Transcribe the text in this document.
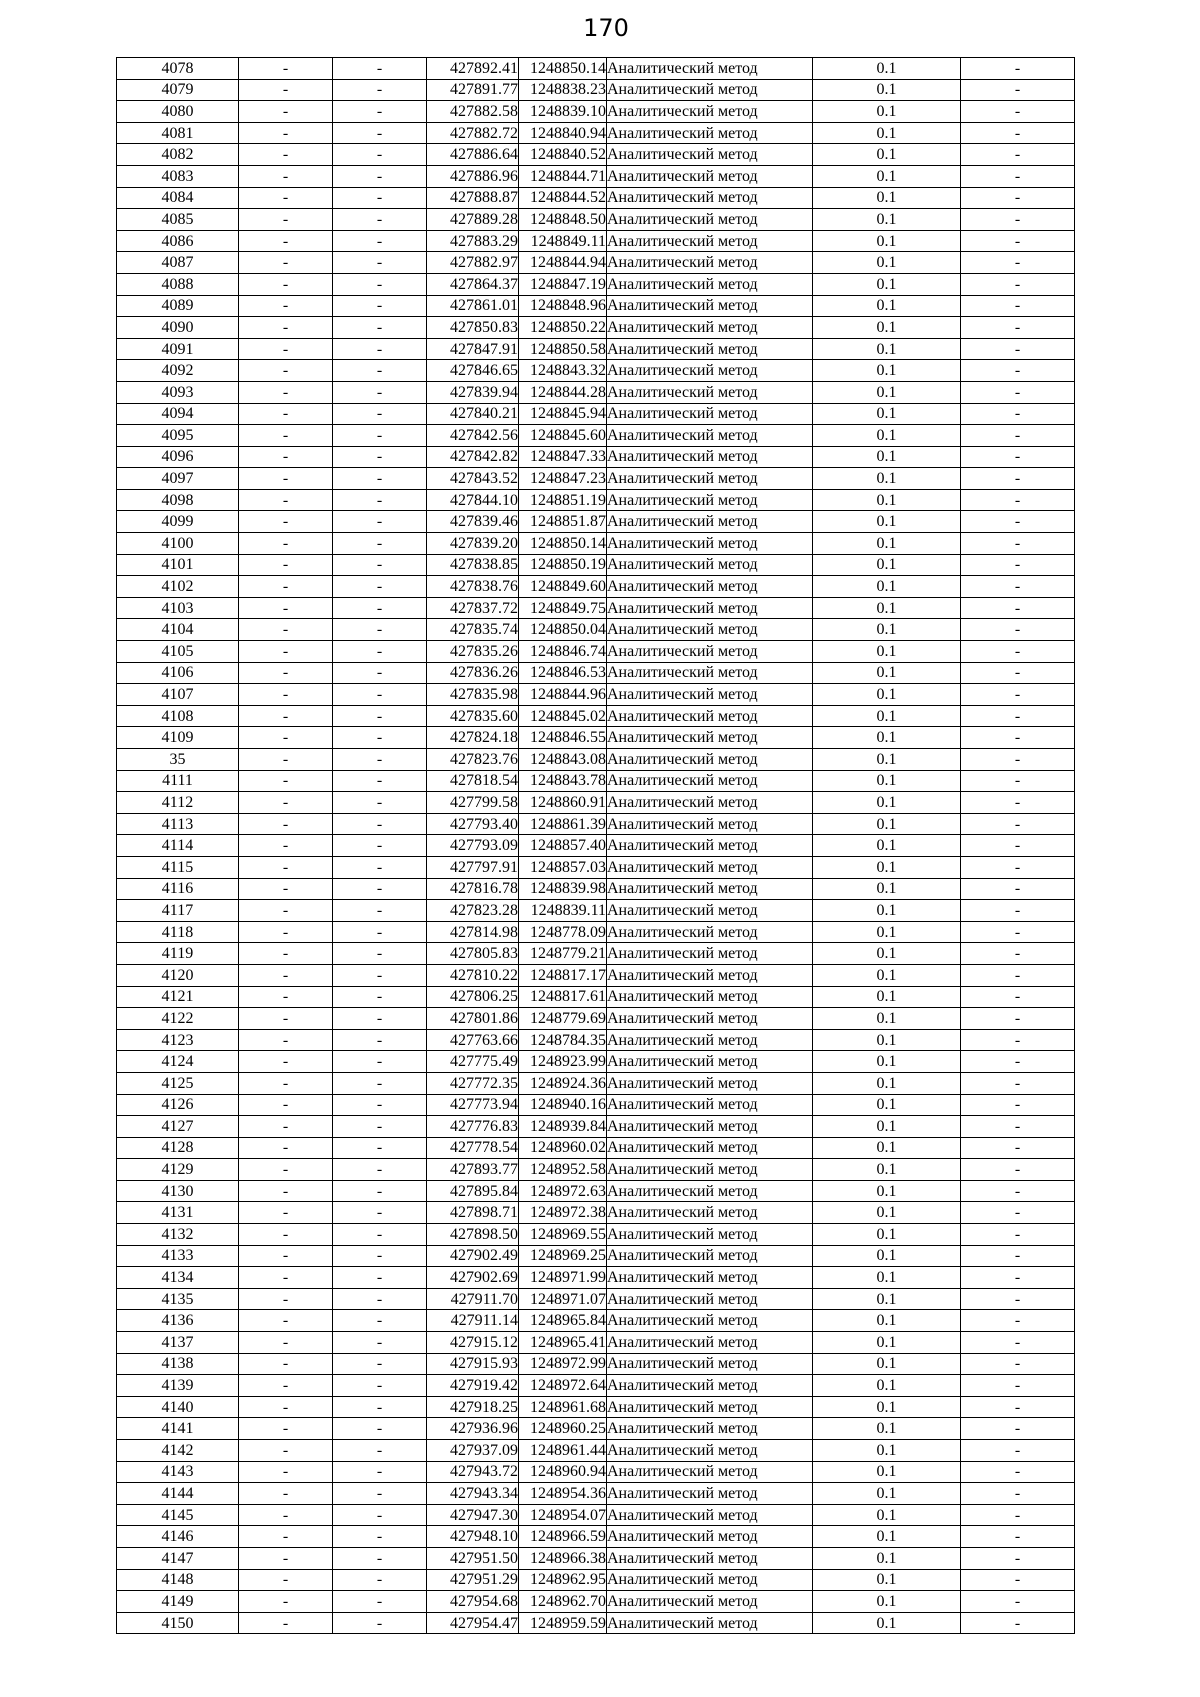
170
4078	-	-	427892.41	1248850.14	Аналитический метод	0.1	-
4079	-	-	427891.77	1248838.23	Аналитический метод	0.1	-
4080	-	-	427882.58	1248839.10	Аналитический метод	0.1	-
4081	-	-	427882.72	1248840.94	Аналитический метод	0.1	-
4082	-	-	427886.64	1248840.52	Аналитический метод	0.1	-
4083	-	-	427886.96	1248844.71	Аналитический метод	0.1	-
4084	-	-	427888.87	1248844.52	Аналитический метод	0.1	-
4085	-	-	427889.28	1248848.50	Аналитический метод	0.1	-
4086	-	-	427883.29	1248849.11	Аналитический метод	0.1	-
4087	-	-	427882.97	1248844.94	Аналитический метод	0.1	-
4088	-	-	427864.37	1248847.19	Аналитический метод	0.1	-
4089	-	-	427861.01	1248848.96	Аналитический метод	0.1	-
4090	-	-	427850.83	1248850.22	Аналитический метод	0.1	-
4091	-	-	427847.91	1248850.58	Аналитический метод	0.1	-
4092	-	-	427846.65	1248843.32	Аналитический метод	0.1	-
4093	-	-	427839.94	1248844.28	Аналитический метод	0.1	-
4094	-	-	427840.21	1248845.94	Аналитический метод	0.1	-
4095	-	-	427842.56	1248845.60	Аналитический метод	0.1	-
4096	-	-	427842.82	1248847.33	Аналитический метод	0.1	-
4097	-	-	427843.52	1248847.23	Аналитический метод	0.1	-
4098	-	-	427844.10	1248851.19	Аналитический метод	0.1	-
4099	-	-	427839.46	1248851.87	Аналитический метод	0.1	-
4100	-	-	427839.20	1248850.14	Аналитический метод	0.1	-
4101	-	-	427838.85	1248850.19	Аналитический метод	0.1	-
4102	-	-	427838.76	1248849.60	Аналитический метод	0.1	-
4103	-	-	427837.72	1248849.75	Аналитический метод	0.1	-
4104	-	-	427835.74	1248850.04	Аналитический метод	0.1	-
4105	-	-	427835.26	1248846.74	Аналитический метод	0.1	-
4106	-	-	427836.26	1248846.53	Аналитический метод	0.1	-
4107	-	-	427835.98	1248844.96	Аналитический метод	0.1	-
4108	-	-	427835.60	1248845.02	Аналитический метод	0.1	-
4109	-	-	427824.18	1248846.55	Аналитический метод	0.1	-
35	-	-	427823.76	1248843.08	Аналитический метод	0.1	-
4111	-	-	427818.54	1248843.78	Аналитический метод	0.1	-
4112	-	-	427799.58	1248860.91	Аналитический метод	0.1	-
4113	-	-	427793.40	1248861.39	Аналитический метод	0.1	-
4114	-	-	427793.09	1248857.40	Аналитический метод	0.1	-
4115	-	-	427797.91	1248857.03	Аналитический метод	0.1	-
4116	-	-	427816.78	1248839.98	Аналитический метод	0.1	-
4117	-	-	427823.28	1248839.11	Аналитический метод	0.1	-
4118	-	-	427814.98	1248778.09	Аналитический метод	0.1	-
4119	-	-	427805.83	1248779.21	Аналитический метод	0.1	-
4120	-	-	427810.22	1248817.17	Аналитический метод	0.1	-
4121	-	-	427806.25	1248817.61	Аналитический метод	0.1	-
4122	-	-	427801.86	1248779.69	Аналитический метод	0.1	-
4123	-	-	427763.66	1248784.35	Аналитический метод	0.1	-
4124	-	-	427775.49	1248923.99	Аналитический метод	0.1	-
4125	-	-	427772.35	1248924.36	Аналитический метод	0.1	-
4126	-	-	427773.94	1248940.16	Аналитический метод	0.1	-
4127	-	-	427776.83	1248939.84	Аналитический метод	0.1	-
4128	-	-	427778.54	1248960.02	Аналитический метод	0.1	-
4129	-	-	427893.77	1248952.58	Аналитический метод	0.1	-
4130	-	-	427895.84	1248972.63	Аналитический метод	0.1	-
4131	-	-	427898.71	1248972.38	Аналитический метод	0.1	-
4132	-	-	427898.50	1248969.55	Аналитический метод	0.1	-
4133	-	-	427902.49	1248969.25	Аналитический метод	0.1	-
4134	-	-	427902.69	1248971.99	Аналитический метод	0.1	-
4135	-	-	427911.70	1248971.07	Аналитический метод	0.1	-
4136	-	-	427911.14	1248965.84	Аналитический метод	0.1	-
4137	-	-	427915.12	1248965.41	Аналитический метод	0.1	-
4138	-	-	427915.93	1248972.99	Аналитический метод	0.1	-
4139	-	-	427919.42	1248972.64	Аналитический метод	0.1	-
4140	-	-	427918.25	1248961.68	Аналитический метод	0.1	-
4141	-	-	427936.96	1248960.25	Аналитический метод	0.1	-
4142	-	-	427937.09	1248961.44	Аналитический метод	0.1	-
4143	-	-	427943.72	1248960.94	Аналитический метод	0.1	-
4144	-	-	427943.34	1248954.36	Аналитический метод	0.1	-
4145	-	-	427947.30	1248954.07	Аналитический метод	0.1	-
4146	-	-	427948.10	1248966.59	Аналитический метод	0.1	-
4147	-	-	427951.50	1248966.38	Аналитический метод	0.1	-
4148	-	-	427951.29	1248962.95	Аналитический метод	0.1	-
4149	-	-	427954.68	1248962.70	Аналитический метод	0.1	-
4150	-	-	427954.47	1248959.59	Аналитический метод	0.1	-
